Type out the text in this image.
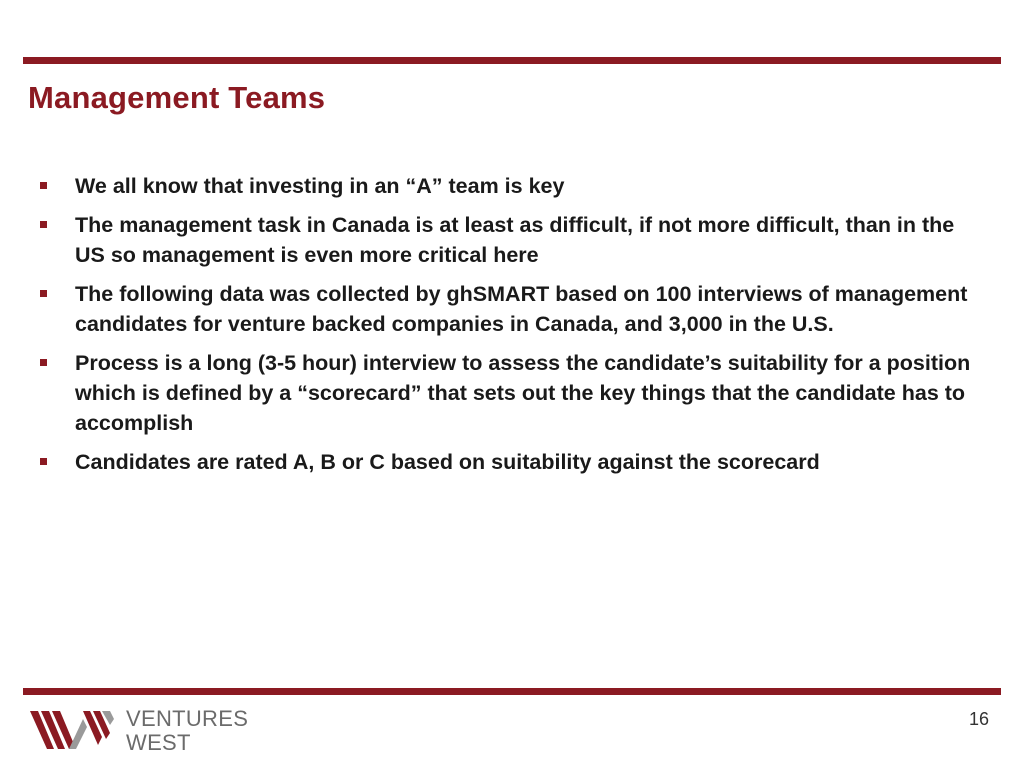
Management Teams
We all know that investing in an “A” team is key
The management task in Canada is at least as difficult, if not more difficult, than in the US so management is even more critical here
The following data was collected by ghSMART based on 100 interviews of management candidates for venture backed companies in Canada, and 3,000 in the U.S.
Process is a long (3-5 hour) interview to assess the candidate’s suitability for a position which is defined by a “scorecard” that sets out the key things that the candidate has to accomplish
Candidates are rated A, B or C based on suitability against the scorecard
VENTURES
WEST
16
